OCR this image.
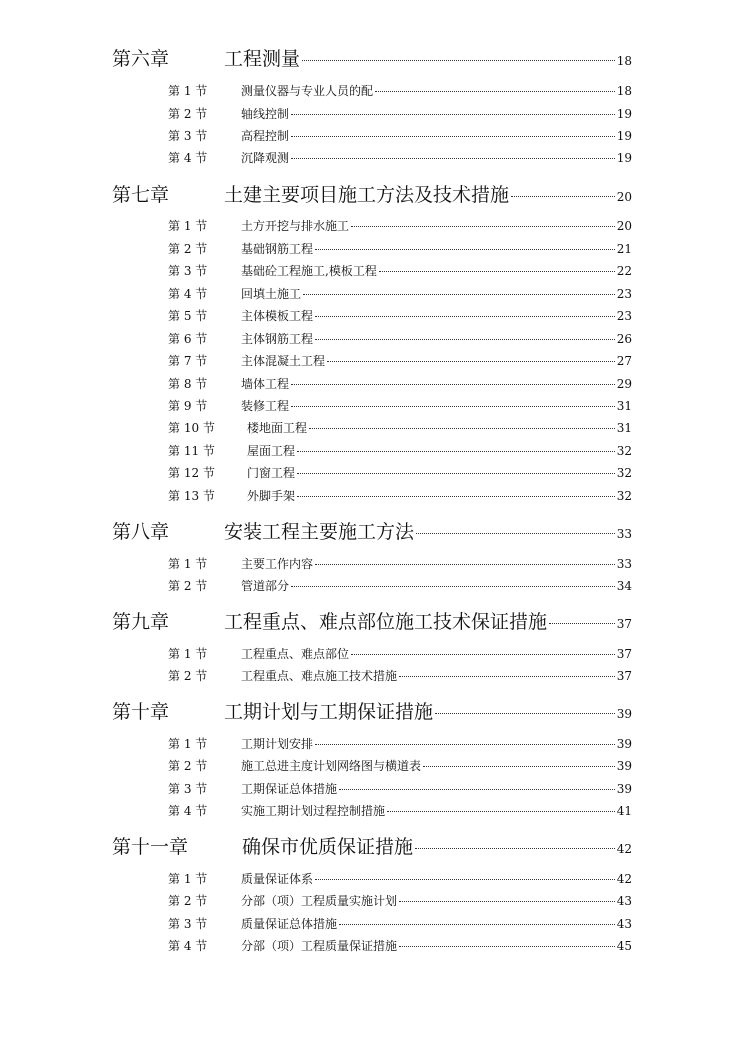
第六章	工程测量	18
第 1 节	测量仪器与专业人员的配	18
第 2 节	轴线控制	19
第 3 节	高程控制	19
第 4 节	沉降观测	19
第七章	土建主要项目施工方法及技术措施	20
第 1 节	土方开挖与排水施工	20
第 2 节	基础钢筋工程	21
第 3 节	基础砼工程施工,模板工程	22
第 4 节	回填土施工	23
第 5 节	主体模板工程	23
第 6 节	主体钢筋工程	26
第 7 节	主体混凝土工程	27
第 8 节	墙体工程	29
第 9 节	装修工程	31
第 10 节	楼地面工程	31
第 11 节	屋面工程	32
第 12 节	门窗工程	32
第 13 节	外脚手架	32
第八章	安装工程主要施工方法	33
第 1 节	主要工作内容	33
第 2 节	管道部分	34
第九章	工程重点、难点部位施工技术保证措施	37
第 1 节	工程重点、难点部位	37
第 2 节	工程重点、难点施工技术措施	37
第十章	工期计划与工期保证措施	39
第 1 节	工期计划安排	39
第 2 节	施工总进主度计划网络图与横道表	39
第 3 节	工期保证总体措施	39
第 4 节	实施工期计划过程控制措施	41
第十一章	确保市优质保证措施	42
第 1 节	质量保证体系	42
第 2 节	分部（项）工程质量实施计划	43
第 3 节	质量保证总体措施	43
第 4 节	分部（项）工程质量保证措施	45
